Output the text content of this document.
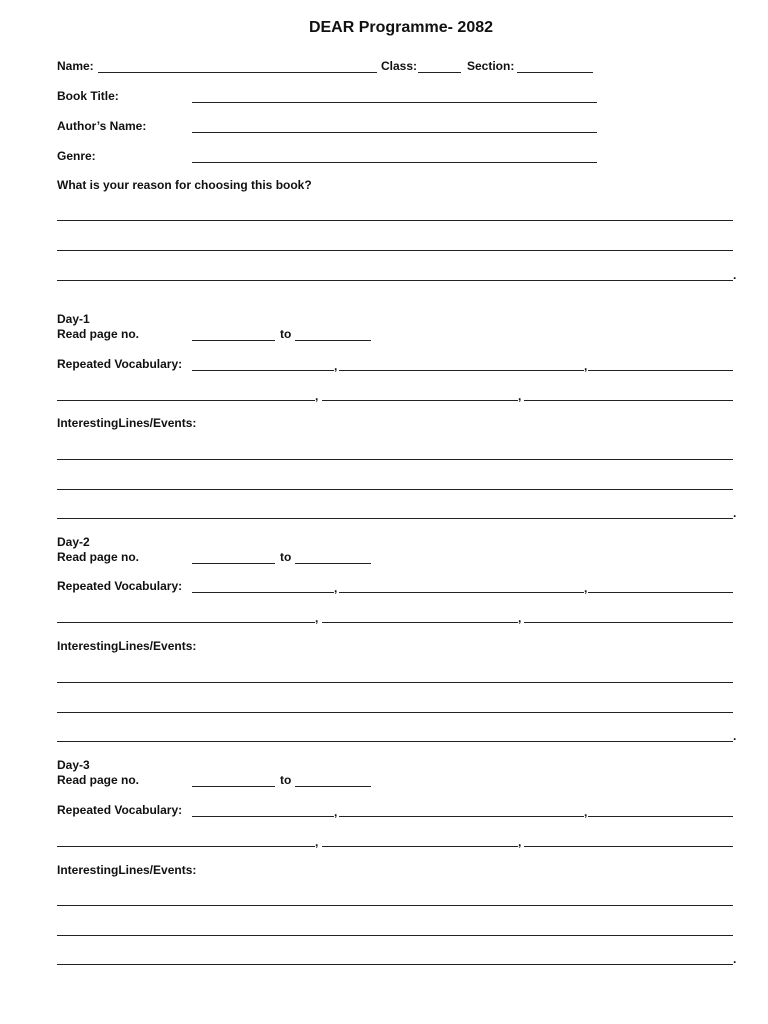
DEAR Programme- 2082
Name:	Class:	Section:
Book Title:
Author’s Name:
Genre:
What is your reason for choosing this book?
.
Day-1
Read page no.	to
Repeated Vocabulary:	,	,
,	,
InterestingLines/Events:
.
Day-2
Read page no.	to
Repeated Vocabulary:	,	,
,	,
InterestingLines/Events:
.
Day-3
Read page no.	to
Repeated Vocabulary:	,	,
,	,
InterestingLines/Events:
.
